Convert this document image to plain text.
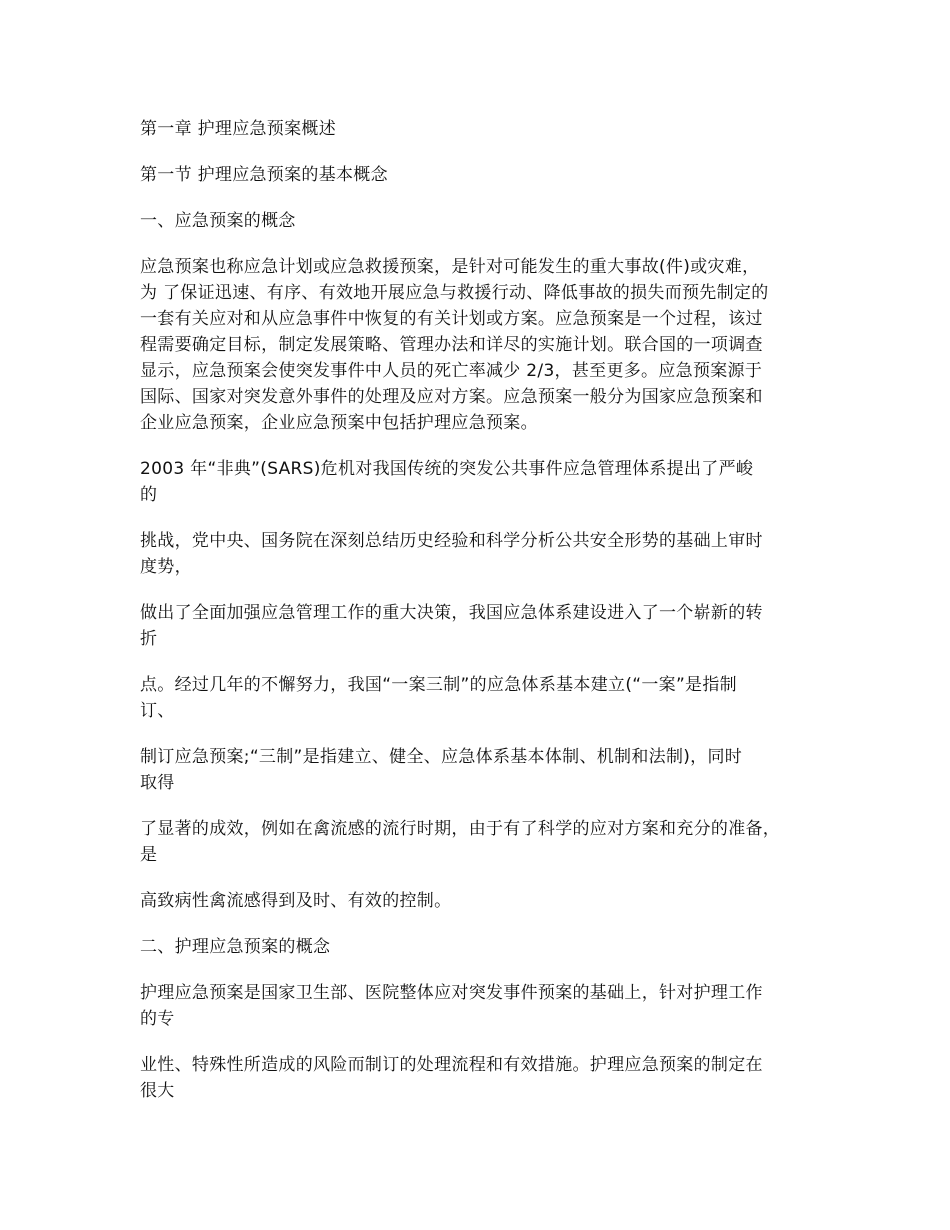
第一章 护理应急预案概述
第一节 护理应急预案的基本概念
一、应急预案的概念
应急预案也称应急计划或应急救援预案，是针对可能发生的重大事故(件)或灾难，
为 了保证迅速、有序、有效地开展应急与救援行动、降低事故的损失而预先制定的
一套有关应对和从应急事件中恢复的有关计划或方案。应急预案是一个过程，该过
程需要确定目标，制定发展策略、管理办法和详尽的实施计划。联合国的一项调查
显示，应急预案会使突发事件中人员的死亡率减少 2/3，甚至更多。应急预案源于
国际、国家对突发意外事件的处理及应对方案。应急预案一般分为国家应急预案和
企业应急预案，企业应急预案中包括护理应急预案。
2003 年“非典”(SARS)危机对我国传统的突发公共事件应急管理体系提出了严峻
的
挑战，党中央、国务院在深刻总结历史经验和科学分析公共安全形势的基础上审时
度势，
做出了全面加强应急管理工作的重大决策，我国应急体系建设进入了一个崭新的转
折
点。经过几年的不懈努力，我国“一案三制”的应急体系基本建立(“一案”是指制
订、
制订应急预案;“三制”是指建立、健全、应急体系基本体制、机制和法制)，同时
取得
了显著的成效，例如在禽流感的流行时期，由于有了科学的应对方案和充分的准备，
是
高致病性禽流感得到及时、有效的控制。
二、护理应急预案的概念
护理应急预案是国家卫生部、医院整体应对突发事件预案的基础上，针对护理工作
的专
业性、特殊性所造成的风险而制订的处理流程和有效措施。护理应急预案的制定在
很大
